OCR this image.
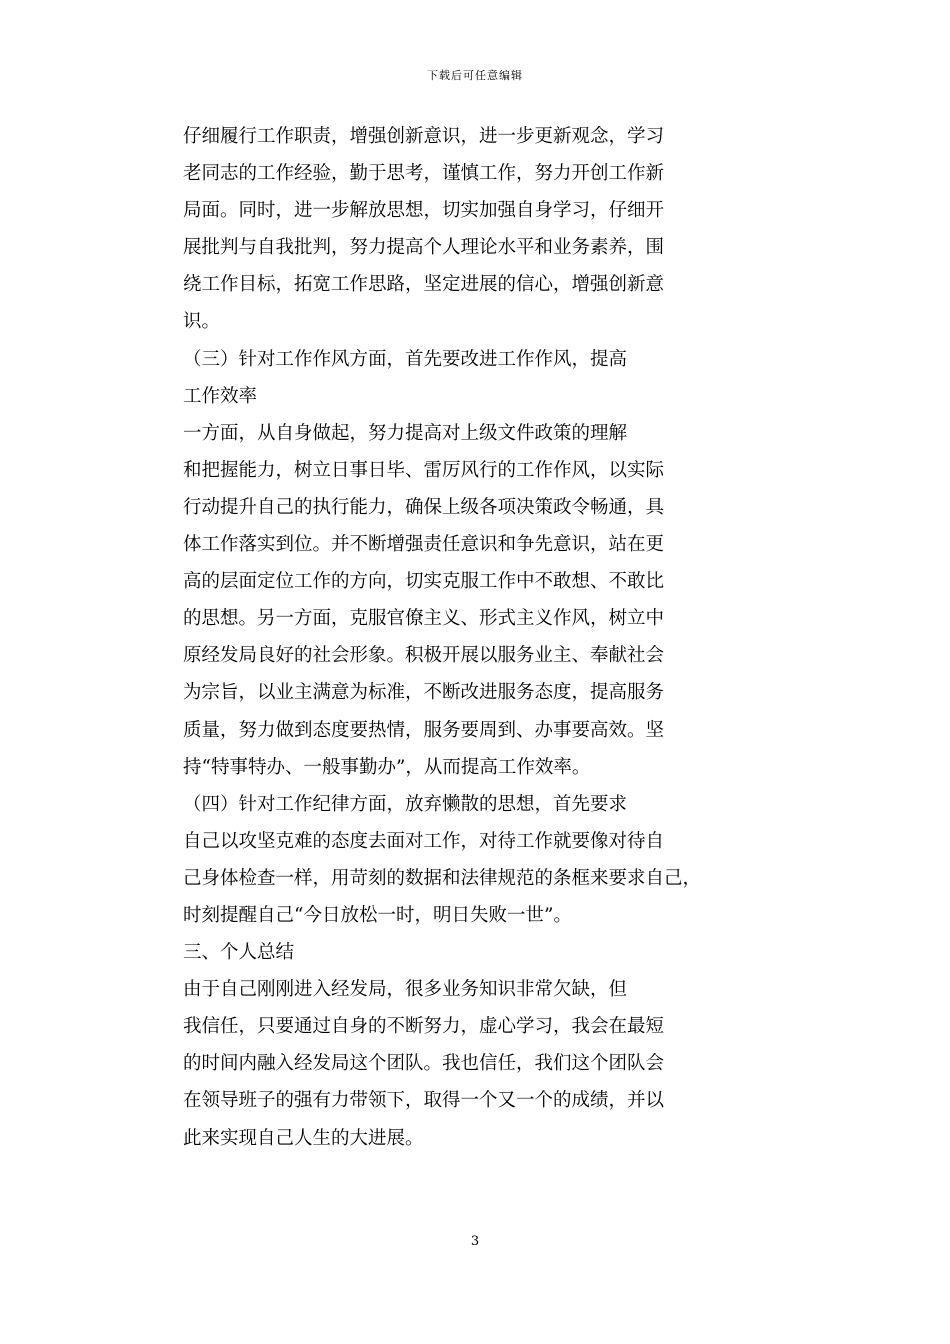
下载后可任意编辑
仔细履行工作职责，增强创新意识，进一步更新观念，学习
老同志的工作经验，勤于思考，谨慎工作，努力开创工作新
局面。同时，进一步解放思想，切实加强自身学习，仔细开
展批判与自我批判，努力提高个人理论水平和业务素养，围
绕工作目标，拓宽工作思路，坚定进展的信心，增强创新意
识。
（三）针对工作作风方面，首先要改进工作作风，提高
工作效率
一方面，从自身做起，努力提高对上级文件政策的理解
和把握能力，树立日事日毕、雷厉风行的工作作风，以实际
行动提升自己的执行能力，确保上级各项决策政令畅通，具
体工作落实到位。并不断增强责任意识和争先意识，站在更
高的层面定位工作的方向，切实克服工作中不敢想、不敢比
的思想。另一方面，克服官僚主义、形式主义作风，树立中
原经发局良好的社会形象。积极开展以服务业主、奉献社会
为宗旨，以业主满意为标准，不断改进服务态度，提高服务
质量，努力做到态度要热情，服务要周到、办事要高效。坚
持“特事特办、一般事勤办”，从而提高工作效率。
（四）针对工作纪律方面，放弃懒散的思想，首先要求
自己以攻坚克难的态度去面对工作，对待工作就要像对待自
己身体检查一样，用苛刻的数据和法律规范的条框来要求自己，
时刻提醒自己“今日放松一时，明日失败一世”。
三、个人总结
由于自己刚刚进入经发局，很多业务知识非常欠缺，但
我信任，只要通过自身的不断努力，虚心学习，我会在最短
的时间内融入经发局这个团队。我也信任，我们这个团队会
在领导班子的强有力带领下，取得一个又一个的成绩，并以
此来实现自己人生的大进展。
3
